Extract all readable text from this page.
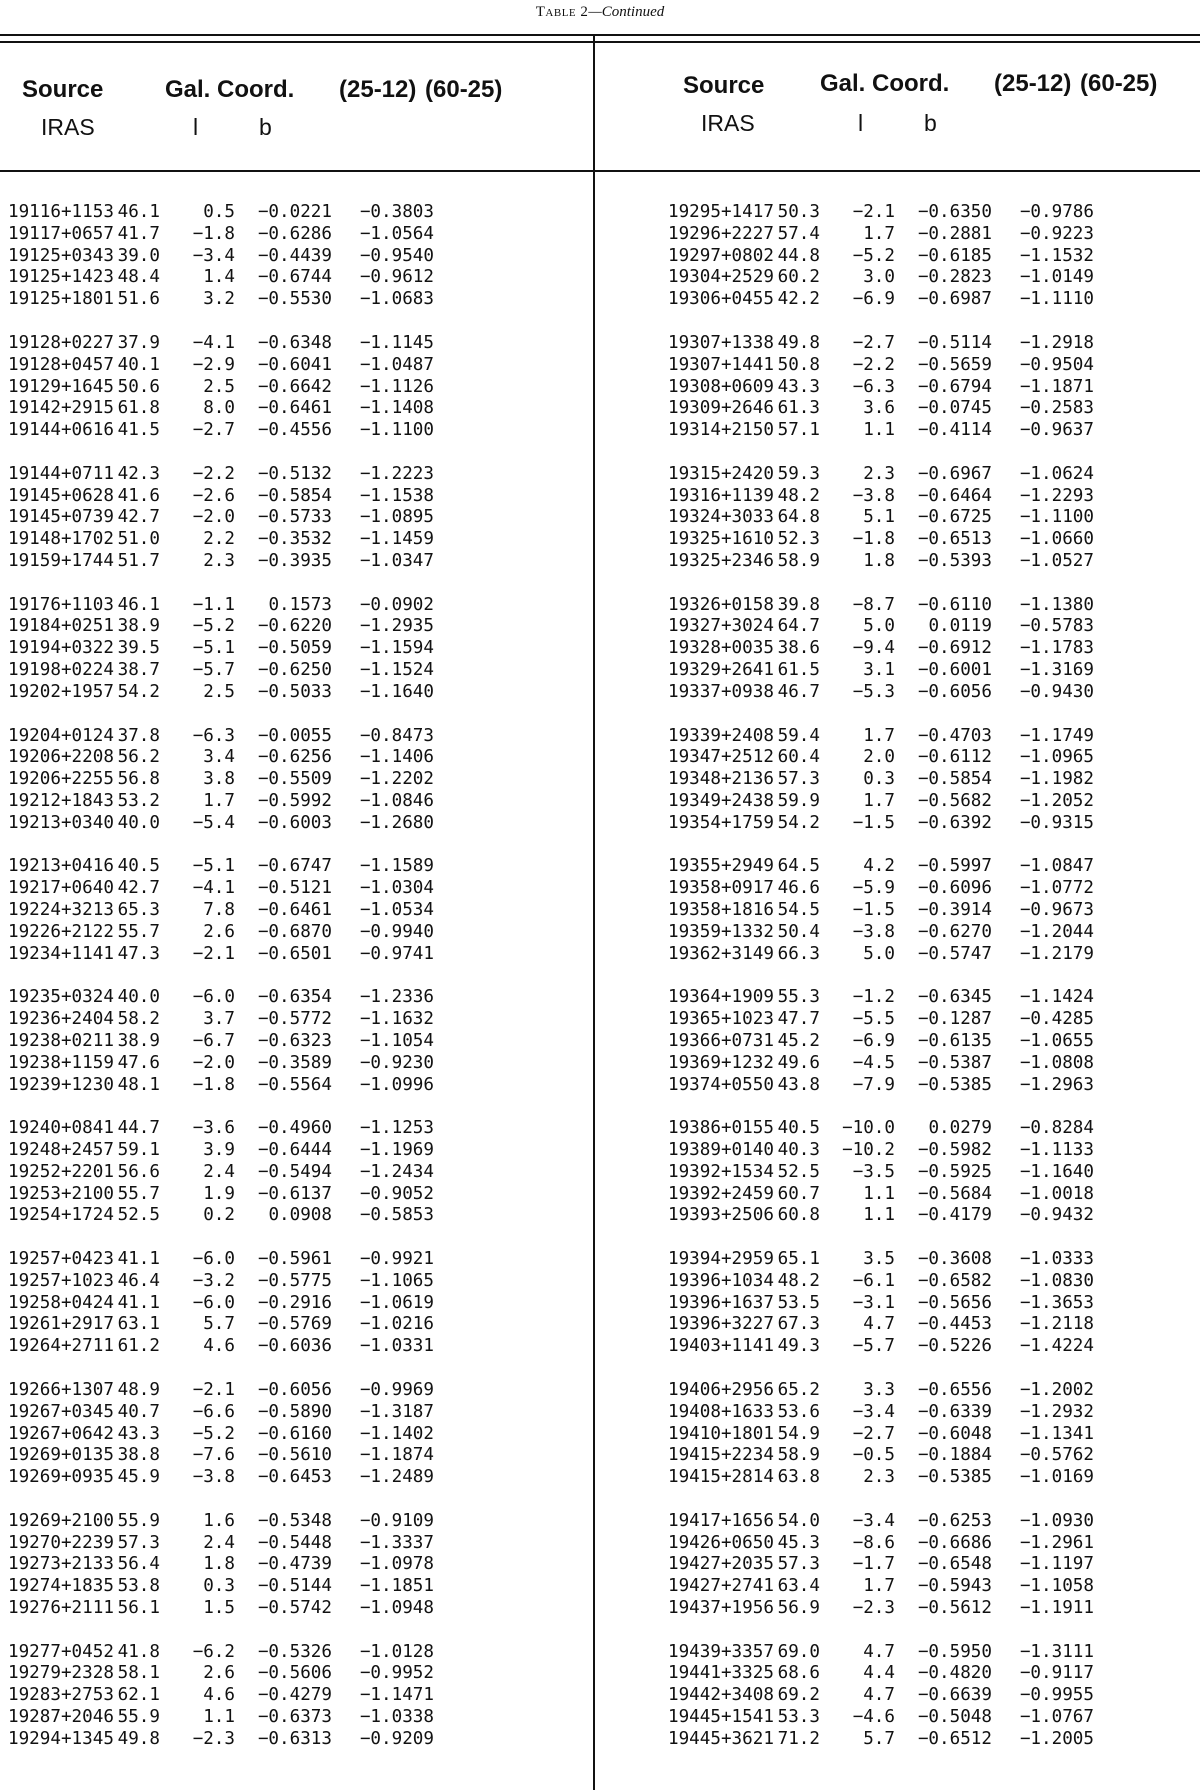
Table 2—Continued
Source	Gal. Coord. (25-12) (60-25)
IRAS	l	b
19116+1153 46.1 0.5 −0.0221 −0.3803
19117+0657 41.7 −1.8 −0.6286 −1.0564
19125+0343 39.0 −3.4 −0.4439 −0.9540
19125+1423 48.4 1.4 −0.6744 −0.9612
19125+1801 51.6 3.2 −0.5530 −1.0683
19128+0227 37.9 −4.1 −0.6348 −1.1145
19128+0457 40.1 −2.9 −0.6041 −1.0487
19129+1645 50.6 2.5 −0.6642 −1.1126
19142+2915 61.8 8.0 −0.6461 −1.1408
19144+0616 41.5 −2.7 −0.4556 −1.1100
19144+0711 42.3 −2.2 −0.5132 −1.2223
19145+0628 41.6 −2.6 −0.5854 −1.1538
19145+0739 42.7 −2.0 −0.5733 −1.0895
19148+1702 51.0 2.2 −0.3532 −1.1459
19159+1744 51.7 2.3 −0.3935 −1.0347
19176+1103 46.1 −1.1 0.1573 −0.0902
19184+0251 38.9 −5.2 −0.6220 −1.2935
19194+0322 39.5 −5.1 −0.5059 −1.1594
19198+0224 38.7 −5.7 −0.6250 −1.1524
19202+1957 54.2 2.5 −0.5033 −1.1640
19204+0124 37.8 −6.3 −0.0055 −0.8473
19206+2208 56.2 3.4 −0.6256 −1.1406
19206+2255 56.8 3.8 −0.5509 −1.2202
19212+1843 53.2 1.7 −0.5992 −1.0846
19213+0340 40.0 −5.4 −0.6003 −1.2680
19213+0416 40.5 −5.1 −0.6747 −1.1589
19217+0640 42.7 −4.1 −0.5121 −1.0304
19224+3213 65.3 7.8 −0.6461 −1.0534
19226+2122 55.7 2.6 −0.6870 −0.9940
19234+1141 47.3 −2.1 −0.6501 −0.9741
19235+0324 40.0 −6.0 −0.6354 −1.2336
19236+2404 58.2 3.7 −0.5772 −1.1632
19238+0211 38.9 −6.7 −0.6323 −1.1054
19238+1159 47.6 −2.0 −0.3589 −0.9230
19239+1230 48.1 −1.8 −0.5564 −1.0996
19240+0841 44.7 −3.6 −0.4960 −1.1253
19248+2457 59.1 3.9 −0.6444 −1.1969
19252+2201 56.6 2.4 −0.5494 −1.2434
19253+2100 55.7 1.9 −0.6137 −0.9052
19254+1724 52.5 0.2 0.0908 −0.5853
19257+0423 41.1 −6.0 −0.5961 −0.9921
19257+1023 46.4 −3.2 −0.5775 −1.1065
19258+0424 41.1 −6.0 −0.2916 −1.0619
19261+2917 63.1 5.7 −0.5769 −1.0216
19264+2711 61.2 4.6 −0.6036 −1.0331
19266+1307 48.9 −2.1 −0.6056 −0.9969
19267+0345 40.7 −6.6 −0.5890 −1.3187
19267+0642 43.3 −5.2 −0.6160 −1.1402
19269+0135 38.8 −7.6 −0.5610 −1.1874
19269+0935 45.9 −3.8 −0.6453 −1.2489
19269+2100 55.9 1.6 −0.5348 −0.9109
19270+2239 57.3 2.4 −0.5448 −1.3337
19273+2133 56.4 1.8 −0.4739 −1.0978
19274+1835 53.8 0.3 −0.5144 −1.1851
19276+2111 56.1 1.5 −0.5742 −1.0948
19277+0452 41.8 −6.2 −0.5326 −1.0128
19279+2328 58.1 2.6 −0.5606 −0.9952
19283+2753 62.1 4.6 −0.4279 −1.1471
19287+2046 55.9 1.1 −0.6373 −1.0338
19294+1345 49.8 −2.3 −0.6313 −0.9209
Source Gal. Coord. (25-12) (60-25)
IRAS	l	b
19295+1417 50.3 −2.1 −0.6350 −0.9786
19296+2227 57.4 1.7 −0.2881 −0.9223
19297+0802 44.8 −5.2 −0.6185 −1.1532
19304+2529 60.2 3.0 −0.2823 −1.0149
19306+0455 42.2 −6.9 −0.6987 −1.1110
19307+1338 49.8 −2.7 −0.5114 −1.2918
19307+1441 50.8 −2.2 −0.5659 −0.9504
19308+0609 43.3 −6.3 −0.6794 −1.1871
19309+2646 61.3 3.6 −0.0745 −0.2583
19314+2150 57.1 1.1 −0.4114 −0.9637
19315+2420 59.3 2.3 −0.6967 −1.0624
19316+1139 48.2 −3.8 −0.6464 −1.2293
19324+3033 64.8 5.1 −0.6725 −1.1100
19325+1610 52.3 −1.8 −0.6513 −1.0660
19325+2346 58.9 1.8 −0.5393 −1.0527
19326+0158 39.8 −8.7 −0.6110 −1.1380
19327+3024 64.7 5.0 0.0119 −0.5783
19328+0035 38.6 −9.4 −0.6912 −1.1783
19329+2641 61.5 3.1 −0.6001 −1.3169
19337+0938 46.7 −5.3 −0.6056 −0.9430
19339+2408 59.4 1.7 −0.4703 −1.1749
19347+2512 60.4 2.0 −0.6112 −1.0965
19348+2136 57.3 0.3 −0.5854 −1.1982
19349+2438 59.9 1.7 −0.5682 −1.2052
19354+1759 54.2 −1.5 −0.6392 −0.9315
19355+2949 64.5 4.2 −0.5997 −1.0847
19358+0917 46.6 −5.9 −0.6096 −1.0772
19358+1816 54.5 −1.5 −0.3914 −0.9673
19359+1332 50.4 −3.8 −0.6270 −1.2044
19362+3149 66.3 5.0 −0.5747 −1.2179
19364+1909 55.3 −1.2 −0.6345 −1.1424
19365+1023 47.7 −5.5 −0.1287 −0.4285
19366+0731 45.2 −6.9 −0.6135 −1.0655
19369+1232 49.6 −4.5 −0.5387 −1.0808
19374+0550 43.8 −7.9 −0.5385 −1.2963
19386+0155 40.5 −10.0 0.0279 −0.8284
19389+0140 40.3 −10.2 −0.5982 −1.1133
19392+1534 52.5 −3.5 −0.5925 −1.1640
19392+2459 60.7 1.1 −0.5684 −1.0018
19393+2506 60.8 1.1 −0.4179 −0.9432
19394+2959 65.1 3.5 −0.3608 −1.0333
19396+1034 48.2 −6.1 −0.6582 −1.0830
19396+1637 53.5 −3.1 −0.5656 −1.3653
19396+3227 67.3 4.7 −0.4453 −1.2118
19403+1141 49.3 −5.7 −0.5226 −1.4224
19406+2956 65.2 3.3 −0.6556 −1.2002
19408+1633 53.6 −3.4 −0.6339 −1.2932
19410+1801 54.9 −2.7 −0.6048 −1.1341
19415+2234 58.9 −0.5 −0.1884 −0.5762
19415+2814 63.8 2.3 −0.5385 −1.0169
19417+1656 54.0 −3.4 −0.6253 −1.0930
19426+0650 45.3 −8.6 −0.6686 −1.2961
19427+2035 57.3 −1.7 −0.6548 −1.1197
19427+2741 63.4 1.7 −0.5943 −1.1058
19437+1956 56.9 −2.3 −0.5612 −1.1911
19439+3357 69.0 4.7 −0.5950 −1.3111
19441+3325 68.6 4.4 −0.4820 −0.9117
19442+3408 69.2 4.7 −0.6639 −0.9955
19445+1541 53.3 −4.6 −0.5048 −1.0767
19445+3621 71.2 5.7 −0.6512 −1.2005
